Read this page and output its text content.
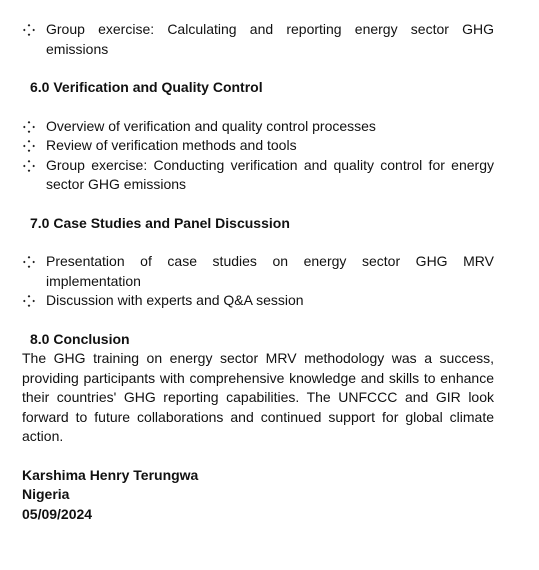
Group exercise: Calculating and reporting energy sector GHG emissions

6.0 Verification and Quality Control

Overview of verification and quality control processes
Review of verification methods and tools
Group exercise: Conducting verification and quality control for energy sector GHG emissions

7.0 Case Studies and Panel Discussion

Presentation of case studies on energy sector GHG MRV implementation
Discussion with experts and Q&A session

8.0 Conclusion

The GHG training on energy sector MRV methodology was a success, providing participants with comprehensive knowledge and skills to enhance their countries' GHG reporting capabilities. The UNFCCC and GIR look forward to future collaborations and continued support for global climate action.

Karshima Henry Terungwa

Nigeria

05/09/2024
